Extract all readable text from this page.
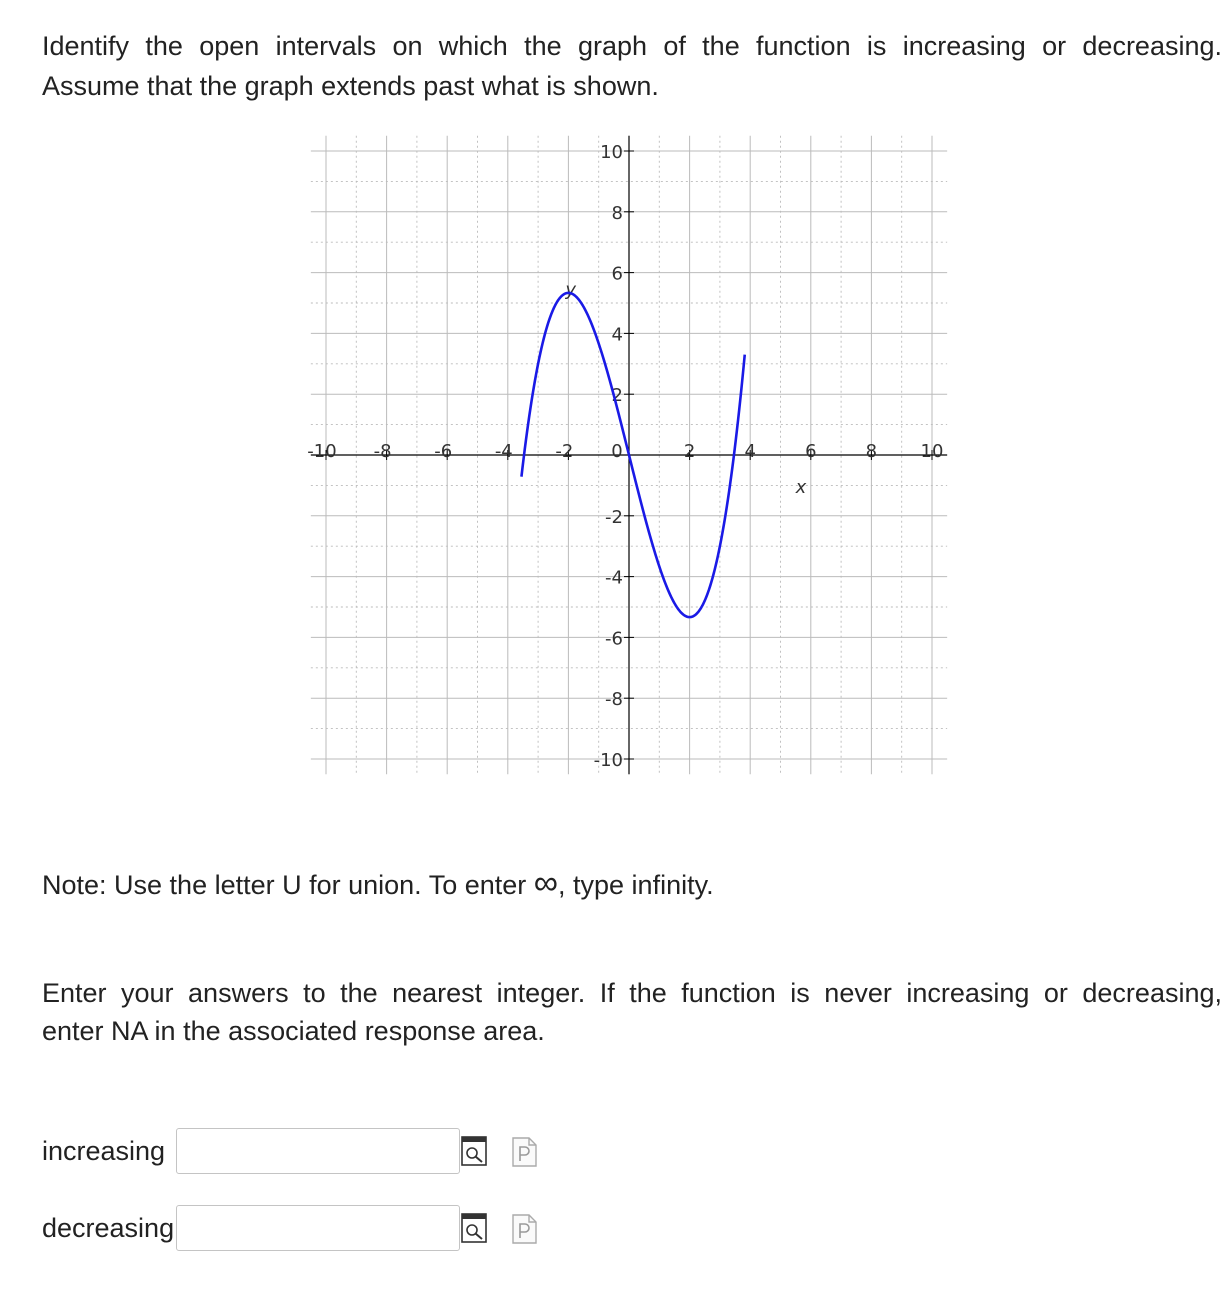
Identify the open intervals on which the graph of the function is increasing or decreasing.
Assume that the graph extends past what is shown.

-10 -8 -6 -4 -2 0	2	4	6	8 10
10
8
6
4
2
-2
-4
-6
-8
-10
x
y

Note: Use the letter U for union. To enter ∞, type infinity.

Enter your answers to the nearest integer. If the function is never increasing or decreasing,
enter NA in the associated response area.

increasing
decreasing
